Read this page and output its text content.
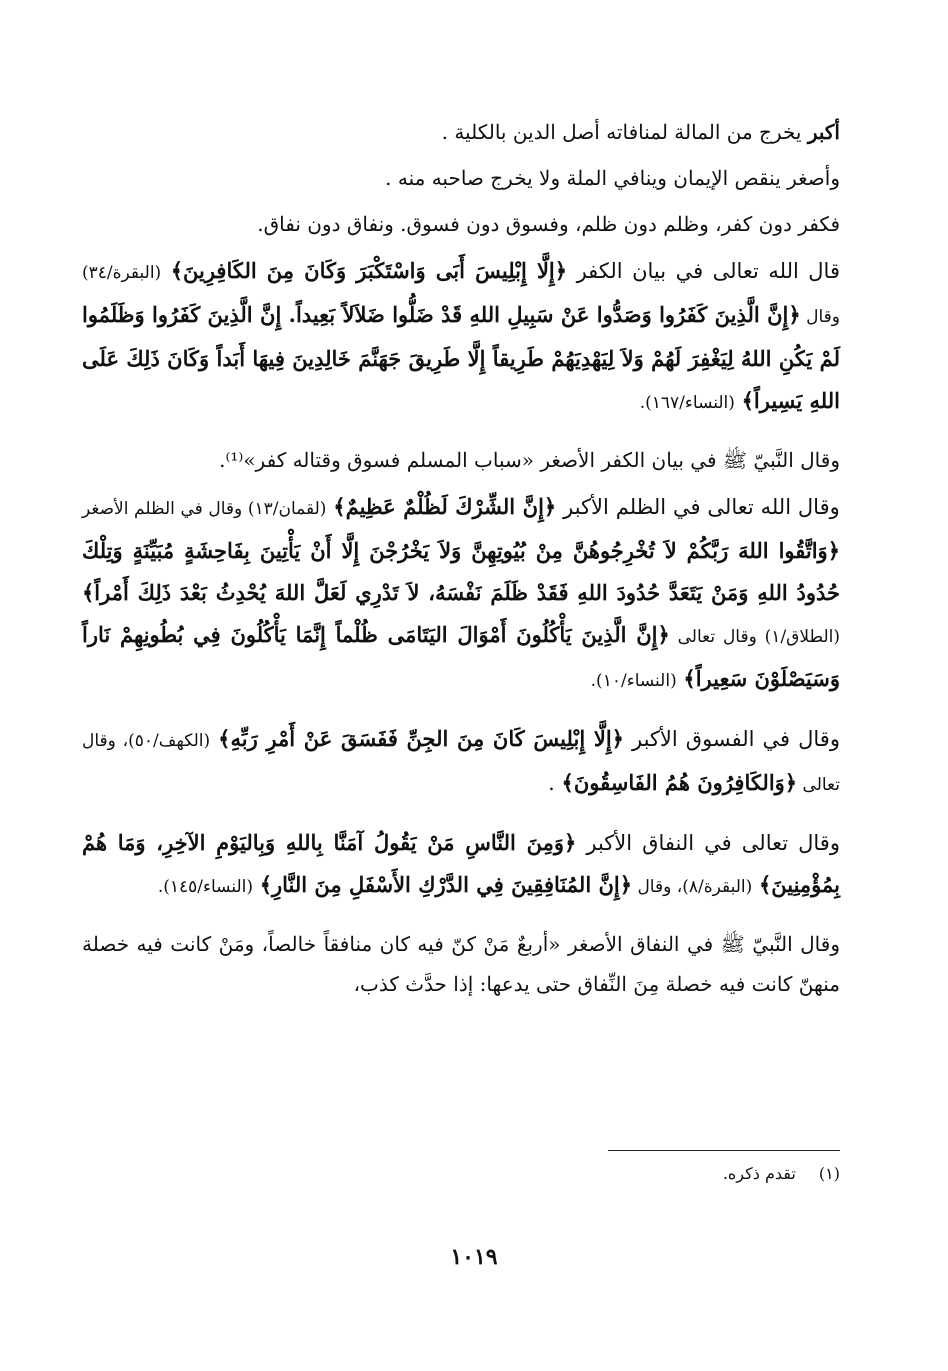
أكبر يخرج من المالة لمنافاته أصل الدين بالكلية .

وأصغر ينقص الإيمان وينافي الملة ولا يخرج صاحبه منه .

فكفر دون كفر، وظلم دون ظلم، وفسوق دون فسوق. ونفاق دون نفاق.

قال الله تعالى في بيان الكفر ﴿إِلَّا إِبْلِيسَ أَبَى وَاسْتَكْبَرَ وَكَانَ مِنَ الكَافِرِينَ﴾ (البقرة/٣٤) وقال ﴿إِنَّ الَّذِينَ كَفَرُوا وَصَدُّوا عَنْ سَبِيلِ اللهِ قَدْ ضَلُّوا ضَلاَلاً بَعِيداً. إِنَّ الَّذِينَ كَفَرُوا وَظَلَمُوا لَمْ يَكُنِ اللهُ لِيَغْفِرَ لَهُمْ وَلاَ لِيَهْدِيَهُمْ طَرِيقاً إِلَّا طَرِيقَ جَهَنَّمَ خَالِدِينَ فِيهَا أَبَداً وَكَانَ ذَلِكَ عَلَى اللهِ يَسِيراً﴾ (النساء/١٦٧).

وقال النَّبيّ ﷺ في بيان الكفر الأصغر «سباب المسلم فسوق وقتاله كفر»⁽¹⁾.

وقال الله تعالى في الظلم الأكبر ﴿إِنَّ الشِّرْكَ لَظُلْمٌ عَظِيمٌ﴾ (لقمان/١٣) وقال في الظلم الأصغر ﴿وَاتَّقُوا اللهَ رَبَّكُمْ لاَ تُخْرِجُوهُنَّ مِنْ بُيُوتِهِنَّ وَلاَ يَخْرُجْنَ إِلَّا أَنْ يَأْتِينَ بِفَاحِشَةٍ مُبَيِّنَةٍ وَتِلْكَ حُدُودُ اللهِ وَمَنْ يَتَعَدَّ حُدُودَ اللهِ فَقَدْ ظَلَمَ نَفْسَهُ، لاَ تَدْرِي لَعَلَّ اللهَ يُحْدِثُ بَعْدَ ذَلِكَ أَمْراً﴾ (الطلاق/١) وقال تعالى ﴿إِنَّ الَّذِينَ يَأْكُلُونَ أَمْوَالَ اليَتَامَى ظُلْماً إِنَّمَا يَأْكُلُونَ فِي بُطُونِهِمْ نَاراً وَسَيَصْلَوْنَ سَعِيراً﴾ (النساء/١٠).

وقال في الفسوق الأكبر ﴿إِلَّا إِبْلِيسَ كَانَ مِنَ الجِنِّ فَفَسَقَ عَنْ أَمْرِ رَبِّهِ﴾ (الكهف/٥٠)، وقال تعالى ﴿وَالكَافِرُونَ هُمُ الفَاسِقُونَ﴾ .

وقال تعالى في النفاق الأكبر ﴿وَمِنَ النَّاسِ مَنْ يَقُولُ آمَنَّا بِاللهِ وَبِاليَوْمِ الآخِرِ، وَمَا هُمْ بِمُؤْمِنِينَ﴾ (البقرة/٨)، وقال ﴿إِنَّ المُنَافِقِينَ فِي الدَّرْكِ الأَسْفَلِ مِنَ النَّارِ﴾ (النساء/١٤٥).

وقال النَّبيّ ﷺ في النفاق الأصغر «أربعٌ مَنْ كنّ فيه كان منافقاً خالصاً، ومَنْ كانت فيه خصلة منهنّ كانت فيه خصلة مِنَ النِّفاق حتى يدعها: إذا حدَّث كذب،

(١) تقدم ذكره.
١٠١٩
